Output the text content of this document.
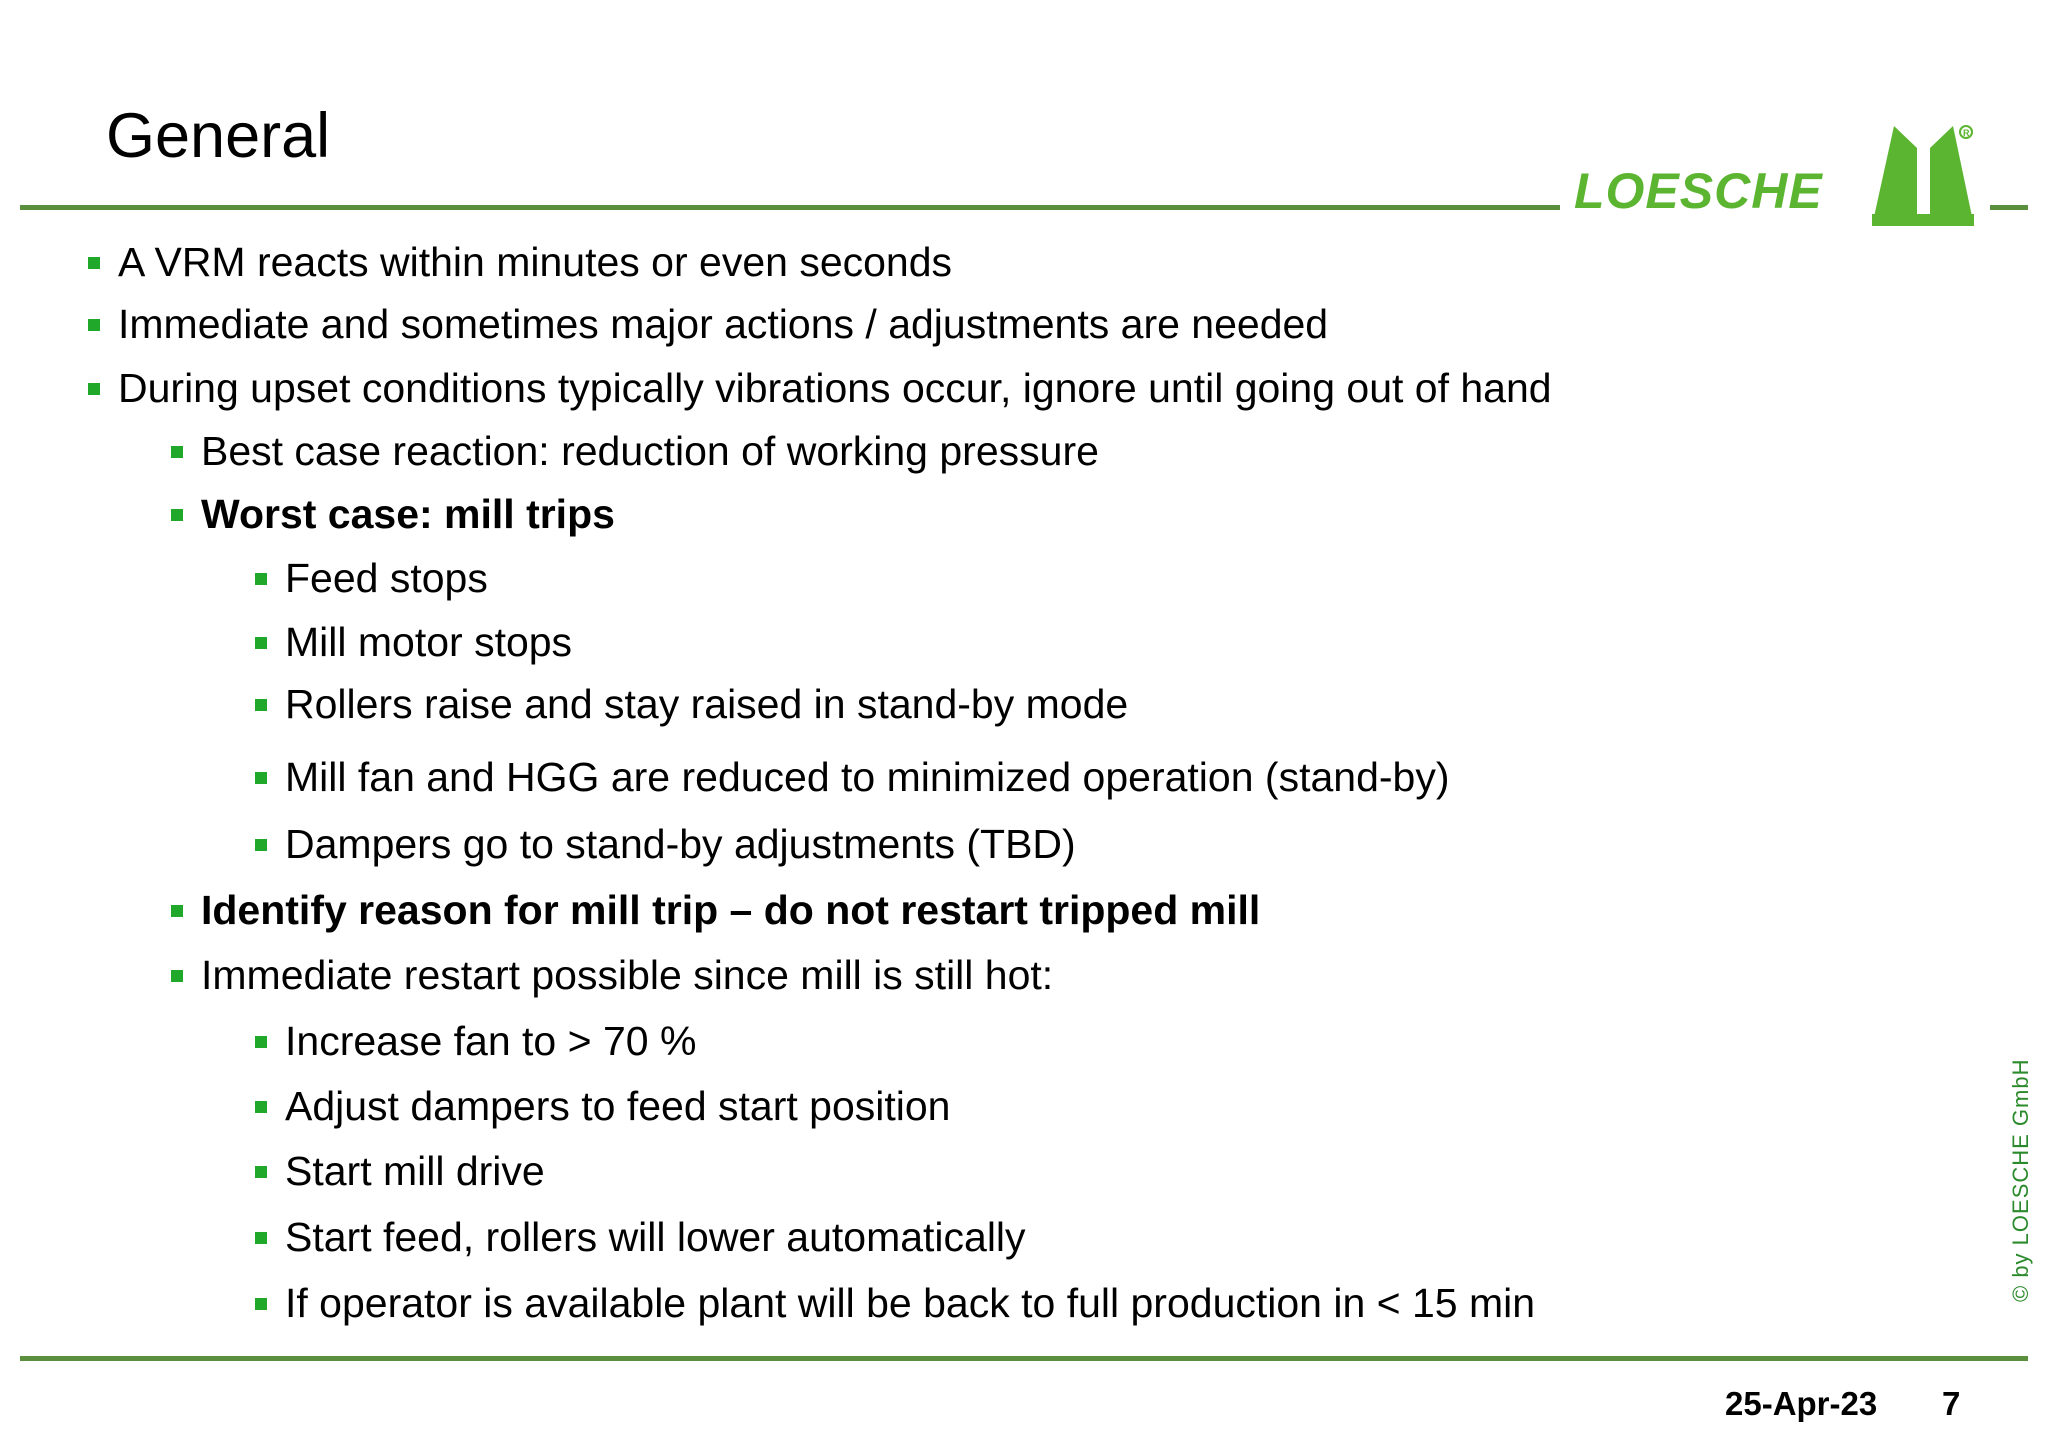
General
LOESCHE
R
A VRM reacts within minutes or even seconds
Immediate and sometimes major actions / adjustments are needed
During upset conditions typically vibrations occur, ignore until going out of hand
Best case reaction: reduction of working pressure
Worst case: mill trips
Feed stops
Mill motor stops
Rollers raise and stay raised in stand-by mode
Mill fan and HGG are reduced to minimized operation (stand-by)
Dampers go to stand-by adjustments (TBD)
Identify reason for mill trip – do not restart tripped mill
Immediate restart possible since mill is still hot:
Increase fan to > 70 %
Adjust dampers to feed start position
Start mill drive
Start feed, rollers will lower automatically
If operator is available plant will be back to full production in < 15 min
© by LOESCHE GmbH
25-Apr-23 7
